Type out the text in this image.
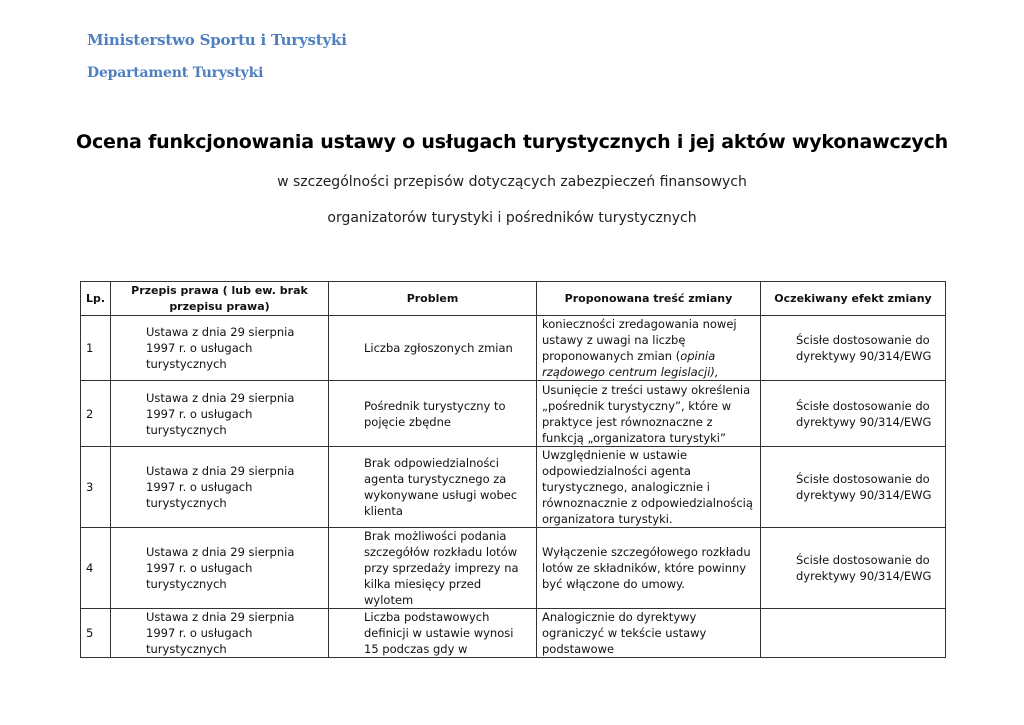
Ministerstwo Sportu i Turystyki
Departament Turystyki
Ocena funkcjonowania ustawy o usługach turystycznych i jej aktów wykonawczych
w szczególności przepisów dotyczących zabezpieczeń finansowych
organizatorów turystyki i pośredników turystycznych
Lp.	Przepis prawa ( lub ew. brak przepisu prawa)	Problem	Proponowana treść zmiany	Oczekiwany efekt zmiany
1	Ustawa z dnia 29 sierpnia 1997 r. o usługach turystycznych	Liczba zgłoszonych zmian	konieczności zredagowania nowej ustawy z uwagi na liczbę proponowanych zmian (opinia rządowego centrum legislacji),	Ścisłe dostosowanie do dyrektywy 90/314/EWG
2	Ustawa z dnia 29 sierpnia 1997 r. o usługach turystycznych	Pośrednik turystyczny to pojęcie zbędne	Usunięcie z treści ustawy określenia „pośrednik turystyczny”, które w praktyce jest równoznaczne z funkcją „organizatora turystyki”	Ścisłe dostosowanie do dyrektywy 90/314/EWG
3	Ustawa z dnia 29 sierpnia 1997 r. o usługach turystycznych	Brak odpowiedzialności agenta turystycznego za wykonywane usługi wobec klienta	Uwzględnienie w ustawie odpowiedzialności agenta turystycznego, analogicznie i równoznacznie z odpowiedzialnością organizatora turystyki.	Ścisłe dostosowanie do dyrektywy 90/314/EWG
4	Ustawa z dnia 29 sierpnia 1997 r. o usługach turystycznych	Brak możliwości podania szczegółów rozkładu lotów przy sprzedaży imprezy na kilka miesięcy przed wylotem	Wyłączenie szczegółowego rozkładu lotów ze składników, które powinny być włączone do umowy.	Ścisłe dostosowanie do dyrektywy 90/314/EWG
5	Ustawa z dnia 29 sierpnia 1997 r. o usługach turystycznych	Liczba podstawowych definicji w ustawie wynosi 15 podczas gdy w	Analogicznie do dyrektywy ograniczyć w tekście ustawy podstawowe	
